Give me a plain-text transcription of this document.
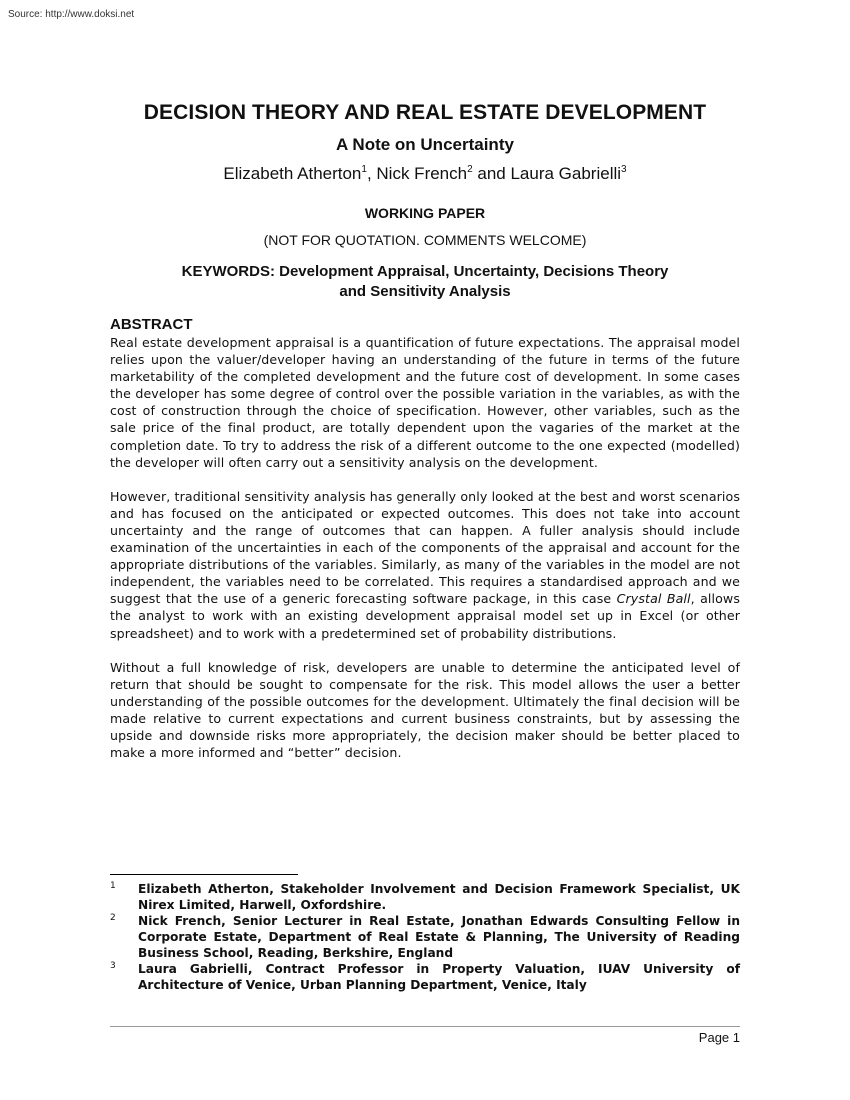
Source: http://www.doksi.net
DECISION THEORY AND REAL ESTATE DEVELOPMENT
A Note on Uncertainty
Elizabeth Atherton$^1$, Nick French$^2$ and Laura Gabrielli$^3$
WORKING PAPER
(NOT FOR QUOTATION. COMMENTS WELCOME)
KEYWORDS: Development Appraisal, Uncertainty, Decisions Theory
and Sensitivity Analysis
ABSTRACT

Real estate development appraisal is a quantification of future expectations. The appraisal model relies upon the valuer/developer having an understanding of the future in terms of the future marketability of the completed development and the future cost of development. In some cases the developer has some degree of control over the possible variation in the variables, as with the cost of construction through the choice of specification. However, other variables, such as the sale price of the final product, are totally dependent upon the vagaries of the market at the completion date. To try to address the risk of a different outcome to the one expected (modelled) the developer will often carry out a sensitivity analysis on the development.

However, traditional sensitivity analysis has generally only looked at the best and worst scenarios and has focused on the anticipated or expected outcomes. This does not take into account uncertainty and the range of outcomes that can happen. A fuller analysis should include examination of the uncertainties in each of the components of the appraisal and account for the appropriate distributions of the variables. Similarly, as many of the variables in the model are not independent, the variables need to be correlated. This requires a standardised approach and we suggest that the use of a generic forecasting software package, in this case Crystal Ball, allows the analyst to work with an existing development appraisal model set up in Excel (or other spreadsheet) and to work with a predetermined set of probability distributions.

Without a full knowledge of risk, developers are unable to determine the anticipated level of return that should be sought to compensate for the risk. This model allows the user a better understanding of the possible outcomes for the development. Ultimately the final decision will be made relative to current expectations and current business constraints, but by assessing the upside and downside risks more appropriately, the decision maker should be better placed to make a more informed and “better” decision.

1 Elizabeth Atherton, Stakeholder Involvement and Decision Framework Specialist, UK Nirex Limited, Harwell, Oxfordshire.
2 Nick French, Senior Lecturer in Real Estate, Jonathan Edwards Consulting Fellow in Corporate Estate, Department of Real Estate & Planning, The University of Reading Business School, Reading, Berkshire, England
3 Laura Gabrielli, Contract Professor in Property Valuation, IUAV University of Architecture of Venice, Urban Planning Department, Venice, Italy
Page 1
